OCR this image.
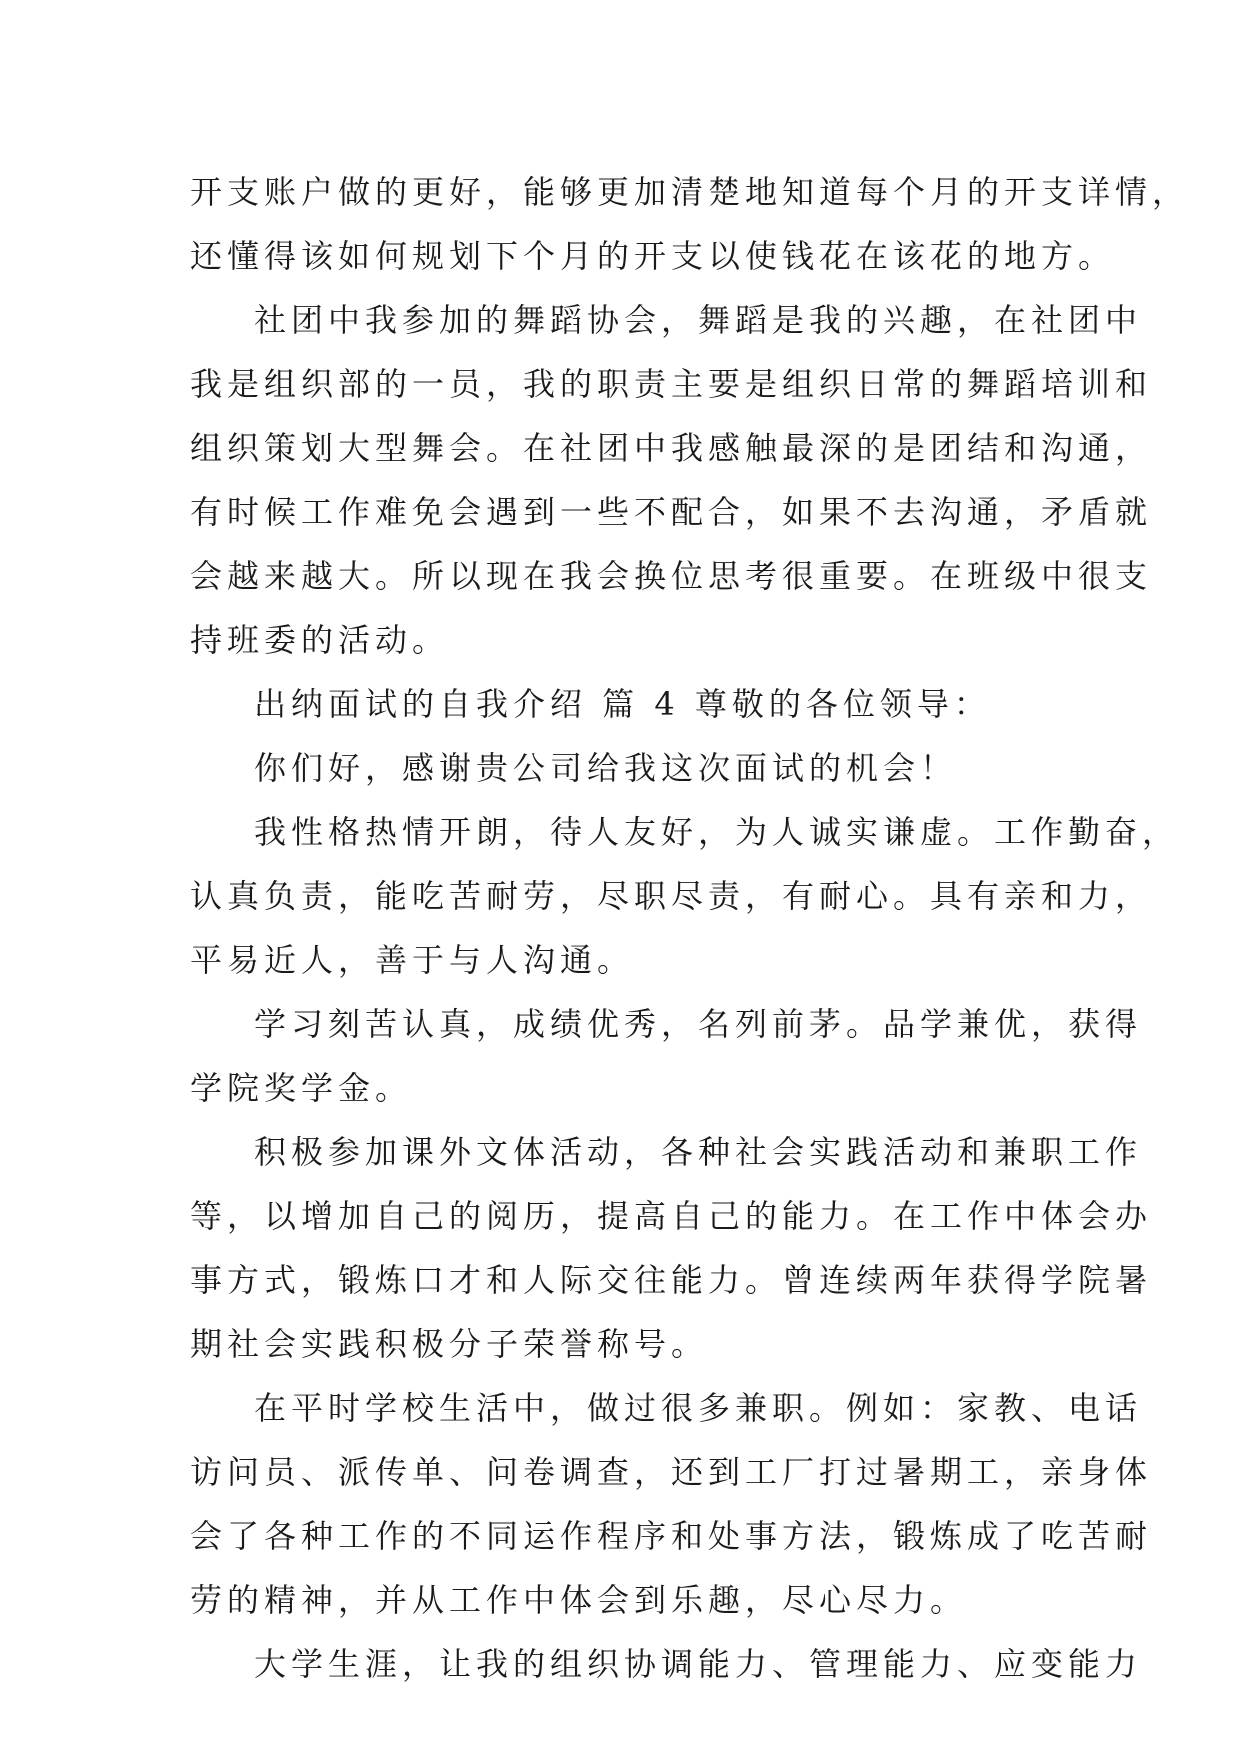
开支账户做的更好，能够更加清楚地知道每个月的开支详情，
还懂得该如何规划下个月的开支以使钱花在该花的地方。
社团中我参加的舞蹈协会，舞蹈是我的兴趣，在社团中
我是组织部的一员，我的职责主要是组织日常的舞蹈培训和
组织策划大型舞会。在社团中我感触最深的是团结和沟通，
有时候工作难免会遇到一些不配合，如果不去沟通，矛盾就
会越来越大。所以现在我会换位思考很重要。在班级中很支
持班委的活动。
出纳面试的自我介绍 篇 4 尊敬的各位领导：
你们好，感谢贵公司给我这次面试的机会！
我性格热情开朗，待人友好，为人诚实谦虚。工作勤奋，
认真负责，能吃苦耐劳，尽职尽责，有耐心。具有亲和力，
平易近人，善于与人沟通。
学习刻苦认真，成绩优秀，名列前茅。品学兼优，获得
学院奖学金。
积极参加课外文体活动，各种社会实践活动和兼职工作
等，以增加自己的阅历，提高自己的能力。在工作中体会办
事方式，锻炼口才和人际交往能力。曾连续两年获得学院暑
期社会实践积极分子荣誉称号。
在平时学校生活中，做过很多兼职。例如：家教、电话
访问员、派传单、问卷调查，还到工厂打过暑期工，亲身体
会了各种工作的不同运作程序和处事方法，锻炼成了吃苦耐
劳的精神，并从工作中体会到乐趣，尽心尽力。
大学生涯，让我的组织协调能力、管理能力、应变能力
